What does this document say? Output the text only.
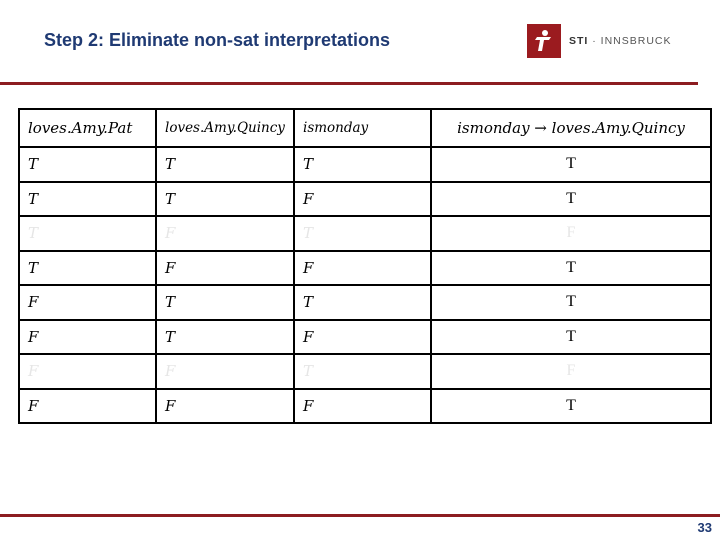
Step 2: Eliminate non-sat interpretations	STI · INNSBRUCK
loves.Amy.Pat	loves.Amy.Quincy	ismonday	ismonday → loves.Amy.Quincy
T	T	T	T
T	T	F	T
T	F	T	F
T	F	F	T
F	T	T	T
F	T	F	T
F	F	T	F
F	F	F	T
33
